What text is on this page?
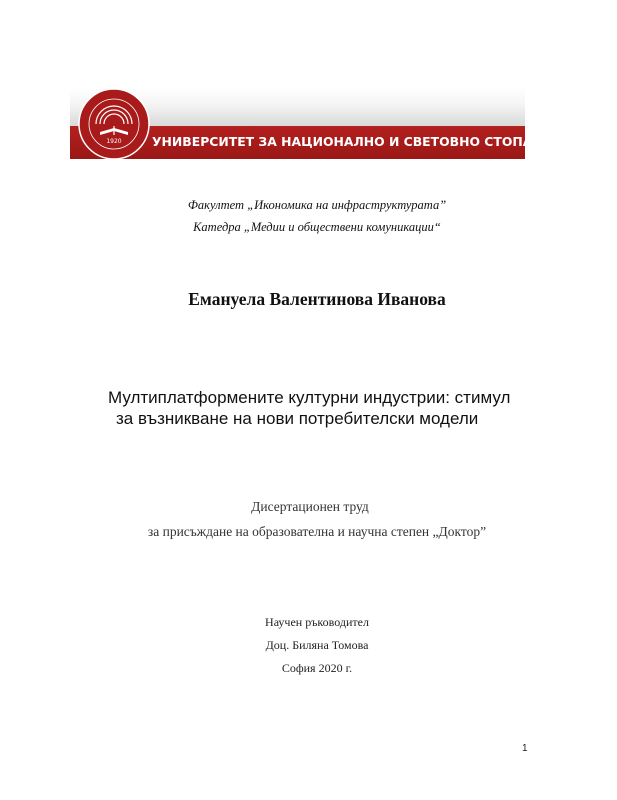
УНИВЕРСИТЕТ ЗА НАЦИОНАЛНО И СВЕТОВНО СТОПАНСТВО
1920
Факултет „Икономика на инфраструктурата”
Катедра „Медии и обществени комуникации“
Емануела Валентинова Иванова
Мултиплатформените културни индустрии: стимул
за възникване на нови потребителски модели
Дисертационен труд
за присъждане на образователна и научна степен „Доктор”
Научен ръководител
Доц. Биляна Томова
София 2020 г.
1
